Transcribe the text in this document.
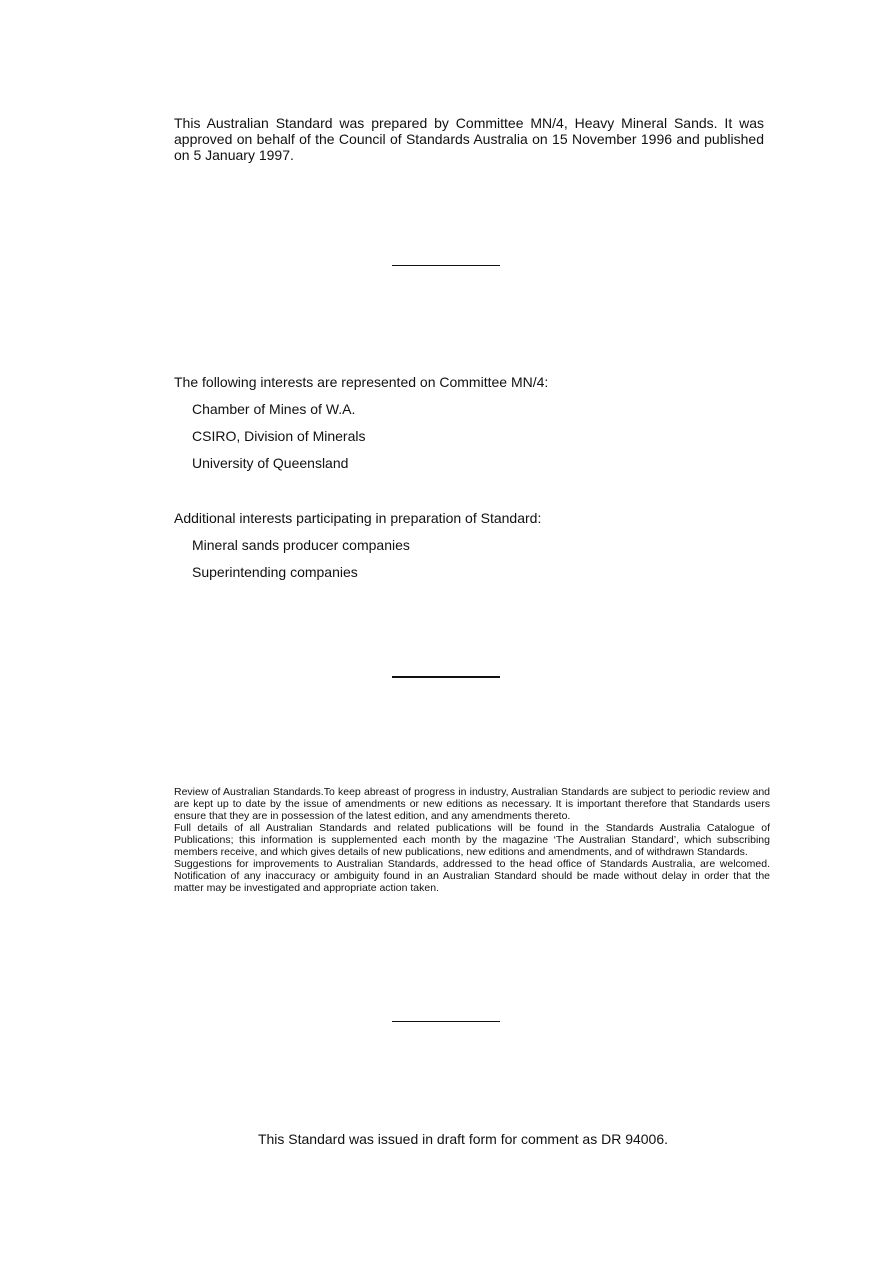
This Australian Standard was prepared by Committee MN/4, Heavy Mineral Sands. It was approved on behalf of the Council of Standards Australia on 15 November 1996 and published on 5 January 1997.
The following interests are represented on Committee MN/4:
Chamber of Mines of W.A.
CSIRO, Division of Minerals
University of Queensland
Additional interests participating in preparation of Standard:
Mineral sands producer companies
Superintending companies

Review of Australian Standards.To keep abreast of progress in industry, Australian Standards are subject to periodic review and are kept up to date by the issue of amendments or new editions as necessary. It is important therefore that Standards users ensure that they are in possession of the latest edition, and any amendments thereto.

Full details of all Australian Standards and related publications will be found in the Standards Australia Catalogue of Publications; this information is supplemented each month by the magazine ‘The Australian Standard’, which subscribing members receive, and which gives details of new publications, new editions and amendments, and of withdrawn Standards.

Suggestions for improvements to Australian Standards, addressed to the head office of Standards Australia, are welcomed. Notification of any inaccuracy or ambiguity found in an Australian Standard should be made without delay in order that the matter may be investigated and appropriate action taken.

This Standard was issued in draft form for comment as DR 94006.
